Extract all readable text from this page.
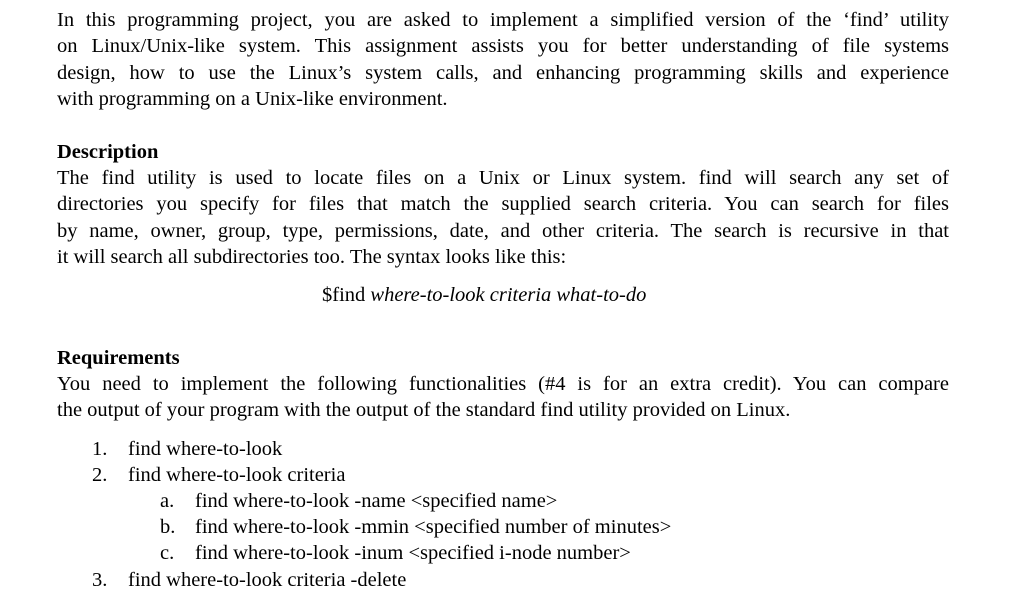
In this programming project, you are asked to implement a simplified version of the ‘find’ utility
on Linux/Unix-like system. This assignment assists you for better understanding of file systems
design, how to use the Linux’s system calls, and enhancing programming skills and experience
with programming on a Unix-like environment.
Description
The find utility is used to locate files on a Unix or Linux system. find will search any set of
directories you specify for files that match the supplied search criteria. You can search for files
by name, owner, group, type, permissions, date, and other criteria. The search is recursive in that
it will search all subdirectories too. The syntax looks like this:
$find where-to-look criteria what-to-do
Requirements
You need to implement the following functionalities (#4 is for an extra credit). You can compare
the output of your program with the output of the standard find utility provided on Linux.
1. find where-to-look
2. find where-to-look criteria
a. find where-to-look -name <specified name>
b. find where-to-look -mmin <specified number of minutes>
c. find where-to-look -inum <specified i-node number>
3. find where-to-look criteria -delete
